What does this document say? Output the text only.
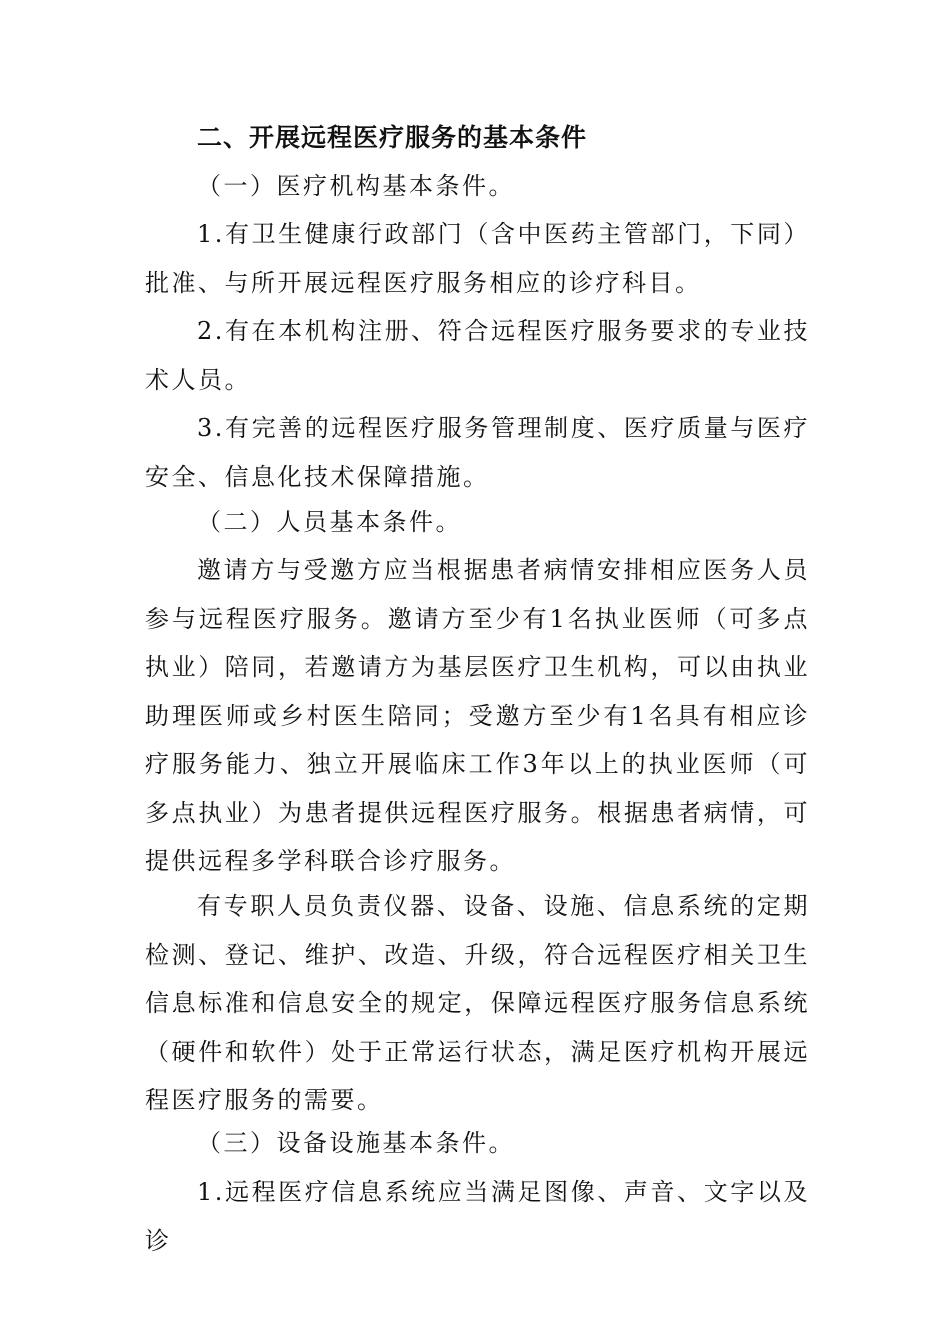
二、开展远程医疗服务的基本条件

（一）医疗机构基本条件。

1.有卫生健康行政部门（含中医药主管部门，下同）批准、与所开展远程医疗服务相应的诊疗科目。

2.有在本机构注册、符合远程医疗服务要求的专业技术人员。

3.有完善的远程医疗服务管理制度、医疗质量与医疗安全、信息化技术保障措施。

（二）人员基本条件。

邀请方与受邀方应当根据患者病情安排相应医务人员参与远程医疗服务。邀请方至少有1名执业医师（可多点执业）陪同，若邀请方为基层医疗卫生机构，可以由执业助理医师或乡村医生陪同；受邀方至少有1名具有相应诊疗服务能力、独立开展临床工作3年以上的执业医师（可多点执业）为患者提供远程医疗服务。根据患者病情，可提供远程多学科联合诊疗服务。

有专职人员负责仪器、设备、设施、信息系统的定期检测、登记、维护、改造、升级，符合远程医疗相关卫生信息标准和信息安全的规定，保障远程医疗服务信息系统（硬件和软件）处于正常运行状态，满足医疗机构开展远程医疗服务的需要。

（三）设备设施基本条件。

1.远程医疗信息系统应当满足图像、声音、文字以及诊
